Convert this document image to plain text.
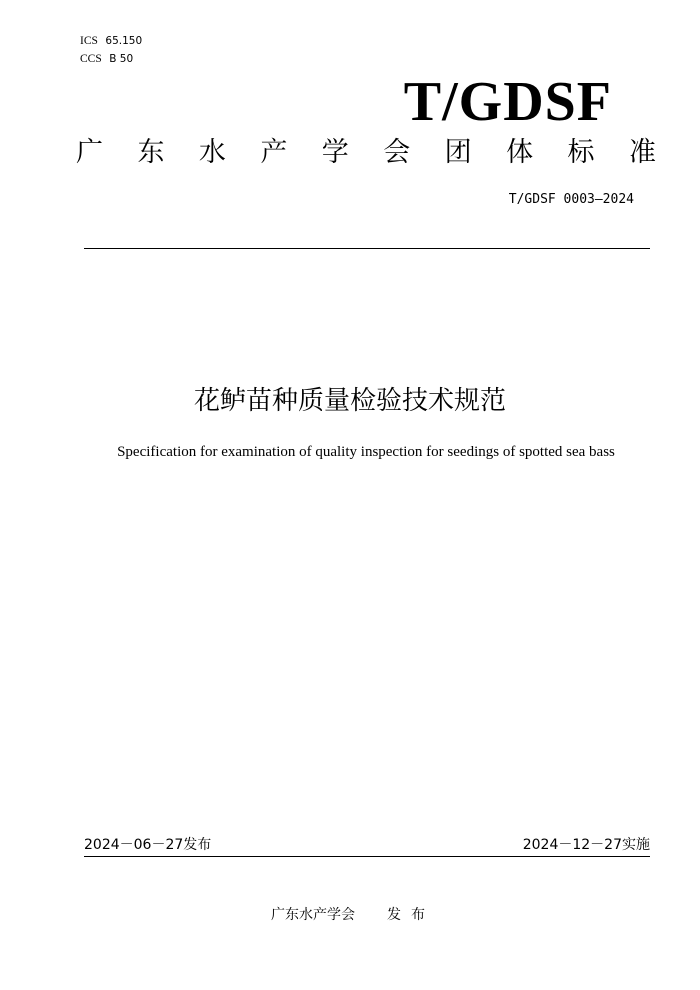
ICS 65.150
CCS B 50
T/GDSF
广 东 水 产 学 会 团 体 标 准
T/GDSF 0003—2024
花鲈苗种质量检验技术规范
Specification for examination of quality inspection for seedings of spotted sea bass
2024－06－27发布	2024－12－27实施
广东水产学会 发布
